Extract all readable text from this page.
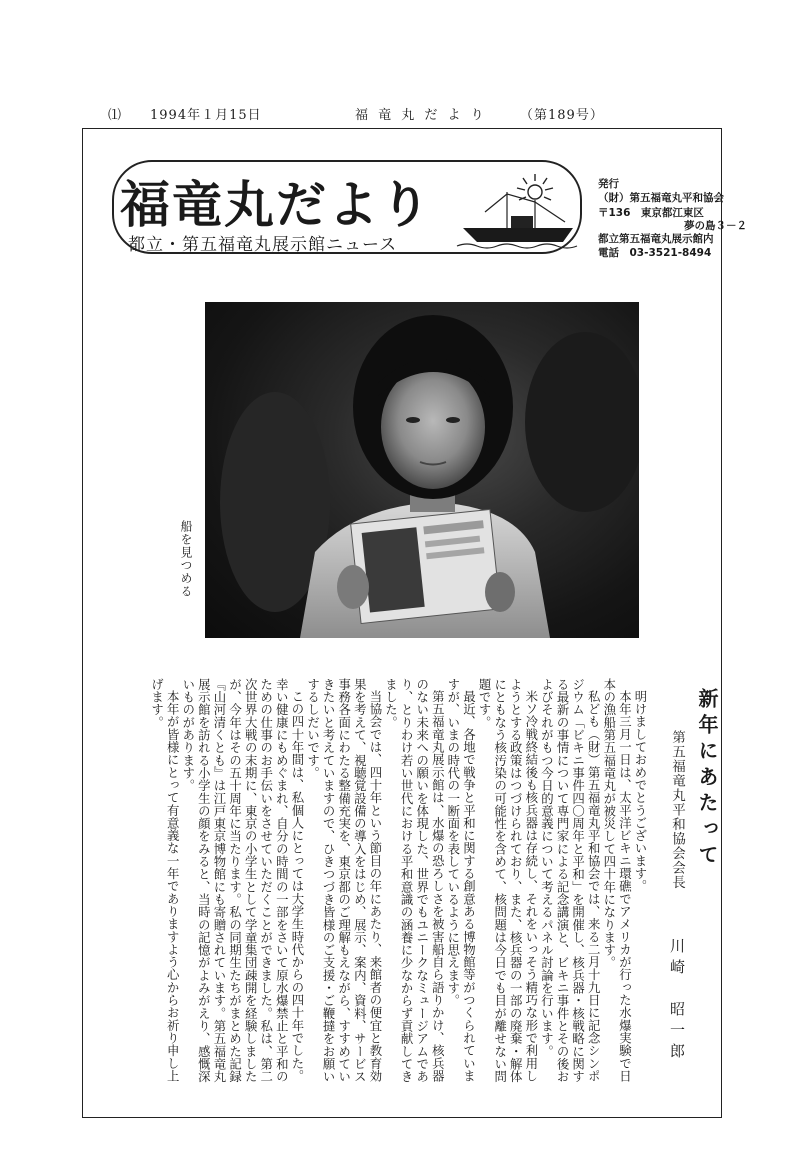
⑴ 1994年１月15日	福 竜 丸 だ よ り	（第189号）
福竜丸だより
都立・第五福竜丸展示館ニュース
発行
（財）第五福竜丸平和協会
〒136　東京都江東区
夢の島３－２
都立第五福竜丸展示館内
電話　03-3521-8494
船を見つめる
新年にあたって
第五福竜丸平和協会会長
川崎　昭一郎

明けましておめでとうございます。

本年三月一日は、太平洋ビキニ環礁でアメリカが行った水爆実験で日本の漁船第五福竜丸が被災して四十年になります。

私ども（財）第五福竜丸平和協会では、来る二月十九日に記念シンポジウム「ビキニ事件四〇周年と平和」を開催し、核兵器・核戦略に関する最新の事情について専門家による記念講演と、ビキニ事件とその後およびそれがもつ今日的意義について考えるパネル討論を行います。

米ソ冷戦終結後も核兵器は存続し、それをいっそう精巧な形で利用しようとする政策はつづけられており、また、核兵器の一部の廃棄・解体にともなう核汚染の可能性を含めて、核問題は今日でも目が離せない問題です。

最近、各地で戦争と平和に関する創意ある博物館等がつくられていますが、いまの時代の一断面を表しているように思えます。

第五福竜丸展示館は、水爆の恐ろしさを被害船自ら語りかけ、核兵器のない未来への願いを体現した、世界でもユニークなミュージアムであり、とりわけ若い世代における平和意識の涵養に少なからず貢献してきました。

当協会では、四十年という節目の年にあたり、来館者の便宜と教育効果を考えて、視聴覚設備の導入をはじめ、展示、案内、資料、サービス事務各面にわたる整備充実を、東京都のご理解もえながら、すすめていきたいと考えていますので、ひきつづき皆様のご支援・ご鞭撻をお願いするしだいです。

この四十年間は、私個人にとっては大学生時代からの四十年でした。幸い健康にもめぐまれ、自分の時間の一部をさいて原水爆禁止と平和のための仕事のお手伝いをさせていただくことができました。私は、第二次世界大戦の末期に、東京の小学生として学童集団疎開を経験しましたが、今年はその五十周年に当たります。私の同期生たちがまとめた記録『山河清くとも』は江戸東京博物館にも寄贈されています。第五福竜丸展示館を訪れる小学生の顔をみると、当時の記憶がよみがえり、感慨深いものがあります。

本年が皆様にとって有意義な一年でありますよう心からお祈り申し上げます。
